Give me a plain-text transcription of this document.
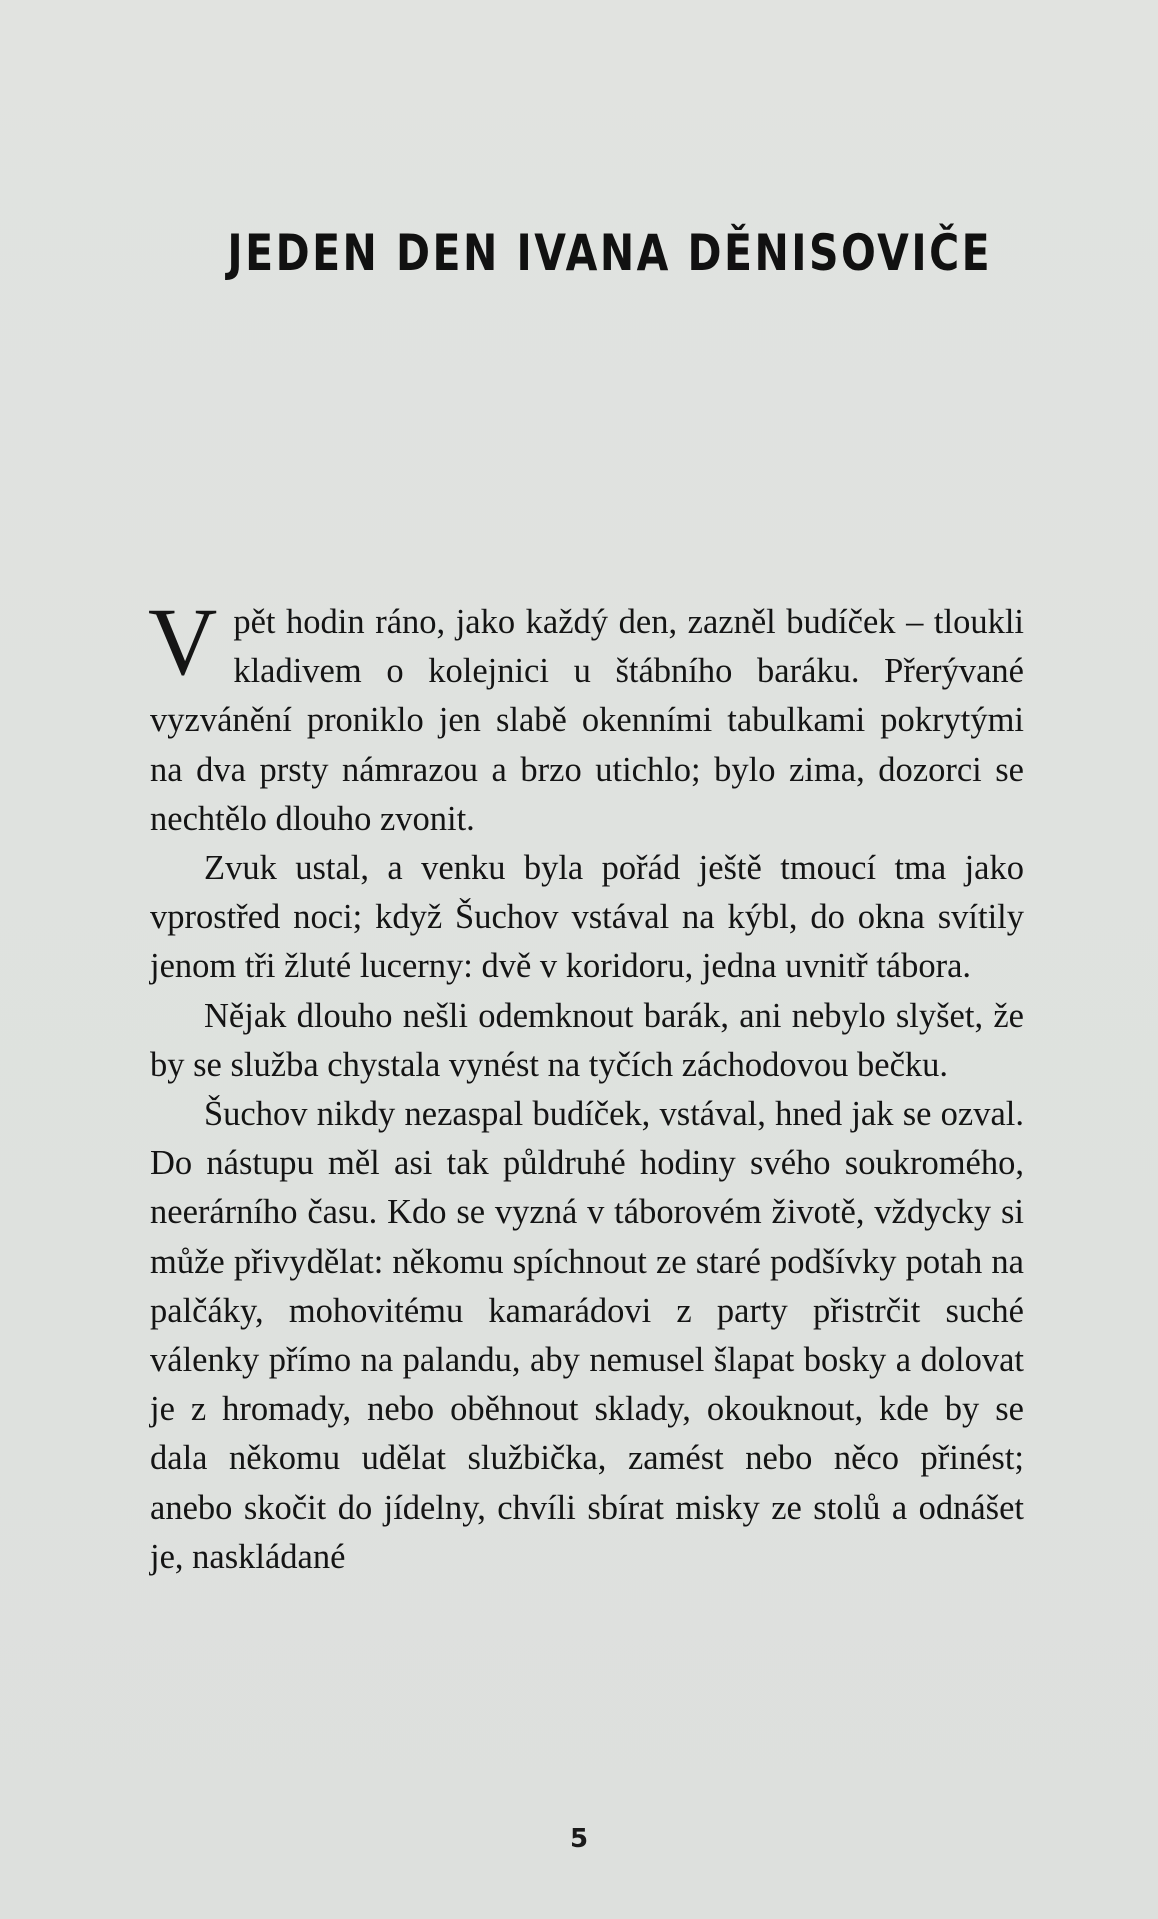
JEDEN DEN IVANA DĚNISOVIČE

V pět hodin ráno, jako každý den, zazněl budíček – tloukli kladivem o kolejnici u štábního baráku. Přerývané vyzvánění proniklo jen slabě okenními tabulkami pokrytými na dva prsty námrazou a brzo utichlo; bylo zima, dozorci se nechtělo dlouho zvonit.

Zvuk ustal, a venku byla pořád ještě tmoucí tma jako vprostřed noci; když Šuchov vstával na kýbl, do okna svítily jenom tři žluté lucerny: dvě v koridoru, jedna uvnitř tábora.

Nějak dlouho nešli odemknout barák, ani nebylo slyšet, že by se služba chystala vynést na tyčích záchodovou bečku.

Šuchov nikdy nezaspal budíček, vstával, hned jak se ozval. Do nástupu měl asi tak půldruhé hodiny svého soukromého, neerárního času. Kdo se vyzná v táborovém životě, vždycky si může přivydělat: někomu spíchnout ze staré podšívky potah na palčáky, mohovitému kamarádovi z party přistrčit suché válenky přímo na palandu, aby nemusel šlapat bosky a dolovat je z hromady, nebo oběhnout sklady, okouknout, kde by se dala někomu udělat službička, zamést nebo něco přinést; anebo skočit do jídelny, chvíli sbírat misky ze stolů a odnášet je, naskládané

5
